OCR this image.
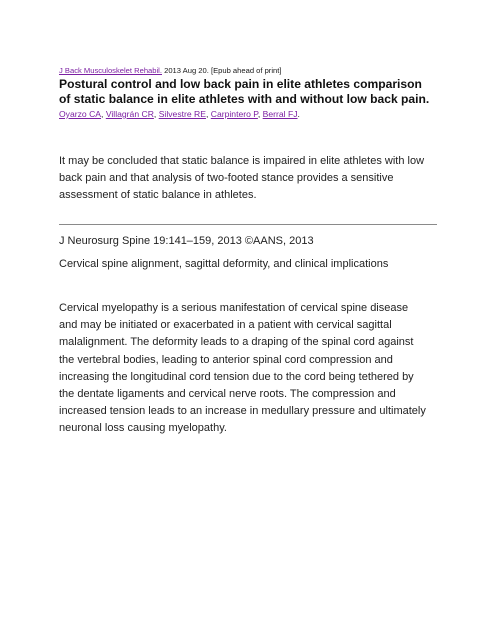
J Back Musculoskelet Rehabil. 2013 Aug 20. [Epub ahead of print]
Postural control and low back pain in elite athletes comparison
of static balance in elite athletes with and without low back pain.
Oyarzo CA, Villagrán CR, Silvestre RE, Carpintero P, Berral FJ.
It may be concluded that static balance is impaired in elite athletes with low
back pain and that analysis of two-footed stance provides a sensitive
assessment of static balance in athletes.
J Neurosurg Spine 19:141–159, 2013 ©AANS, 2013
Cervical spine alignment, sagittal deformity, and clinical implications
Cervical myelopathy is a serious manifestation of cervical spine disease
and may be initiated or exacerbated in a patient with cervical sagittal
malalignment. The deformity leads to a draping of the spinal cord against
the vertebral bodies, leading to anterior spinal cord compression and
increasing the longitudinal cord tension due to the cord being tethered by
the dentate ligaments and cervical nerve roots. The compression and
increased tension leads to an increase in medullary pressure and ultimately
neuronal loss causing myelopathy.
